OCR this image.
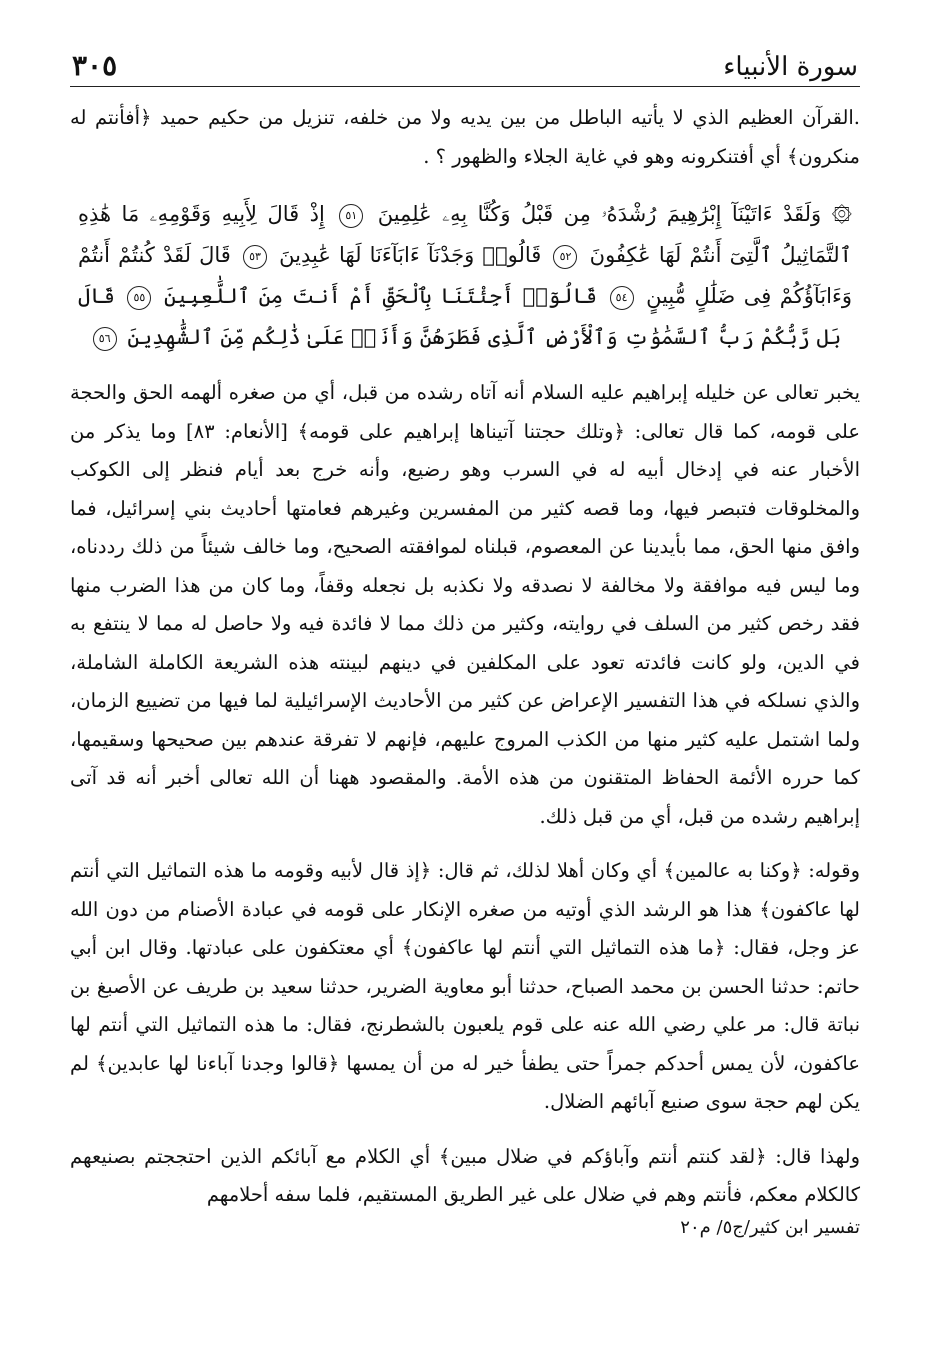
سورة الأنبياء
٣٠٥

.القرآن العظيم الذي لا يأتيه الباطل من بين يديه ولا من خلفه، تنزيل من حكيم حميد ﴿أفأنتم له منكرون﴾ أي أفتنكرونه وهو في غاية الجلاء والظهور ؟ .

۞ وَلَقَدْ ءَاتَيْنَآ إِبْرَٰهِيمَ رُشْدَهُۥ مِن قَبْلُ وَكُنَّا بِهِۦ عَٰلِمِينَ ٥١ إِذْ قَالَ لِأَبِيهِ وَقَوْمِهِۦ مَا هَٰذِهِ ٱلتَّمَاثِيلُ ٱلَّتِىٓ أَنتُمْ لَهَا عَٰكِفُونَ ٥٢ قَالُوا۟ وَجَدْنَآ ءَابَآءَنَا لَهَا عَٰبِدِينَ ٥٣ قَالَ لَقَدْ كُنتُمْ أَنتُمْ وَءَابَآؤُكُمْ فِى ضَلَٰلٍ مُّبِينٍ ٥٤ قَالُوٓا۟ أَجِئْتَنَا بِٱلْحَقِّ أَمْ أَنتَ مِنَ ٱللَّٰعِبِينَ ٥٥ قَالَ بَل رَّبُّكُمْ رَبُّ ٱلسَّمَٰوَٰتِ وَٱلْأَرْضِ ٱلَّذِى فَطَرَهُنَّ وَأَنَا۠ عَلَىٰ ذَٰلِكُم مِّنَ ٱلشَّٰهِدِينَ ٥٦

يخبر تعالى عن خليله إبراهيم عليه السلام أنه آتاه رشده من قبل، أي من صغره ألهمه الحق والحجة على قومه، كما قال تعالى: ﴿وتلك حجتنا آتيناها إبراهيم على قومه﴾ [الأنعام: ٨٣] وما يذكر من الأخبار عنه في إدخال أبيه له في السرب وهو رضيع، وأنه خرج بعد أيام فنظر إلى الكوكب والمخلوقات فتبصر فيها، وما قصه كثير من المفسرين وغيرهم فعامتها أحاديث بني إسرائيل، فما وافق منها الحق، مما بأيدينا عن المعصوم، قبلناه لموافقته الصحيح، وما خالف شيئاً من ذلك رددناه، وما ليس فيه موافقة ولا مخالفة لا نصدقه ولا نكذبه بل نجعله وقفاً، وما كان من هذا الضرب منها فقد رخص كثير من السلف في روايته، وكثير من ذلك مما لا فائدة فيه ولا حاصل له مما لا ينتفع به في الدين، ولو كانت فائدته تعود على المكلفين في دينهم لبينته هذه الشريعة الكاملة الشاملة، والذي نسلكه في هذا التفسير الإعراض عن كثير من الأحاديث الإسرائيلية لما فيها من تضييع الزمان، ولما اشتمل عليه كثير منها من الكذب المروج عليهم، فإنهم لا تفرقة عندهم بين صحيحها وسقيمها، كما حرره الأئمة الحفاظ المتقنون من هذه الأمة. والمقصود ههنا أن الله تعالى أخبر أنه قد آتى إبراهيم رشده من قبل، أي من قبل ذلك.

وقوله: ﴿وكنا به عالمين﴾ أي وكان أهلا لذلك، ثم قال: ﴿إذ قال لأبيه وقومه ما هذه التماثيل التي أنتم لها عاكفون﴾ هذا هو الرشد الذي أوتيه من صغره الإنكار على قومه في عبادة الأصنام من دون الله عز وجل، فقال: ﴿ما هذه التماثيل التي أنتم لها عاكفون﴾ أي معتكفون على عبادتها. وقال ابن أبي حاتم: حدثنا الحسن بن محمد الصباح، حدثنا أبو معاوية الضرير، حدثنا سعيد بن طريف عن الأصبغ بن نباتة قال: مر علي رضي الله عنه على قوم يلعبون بالشطرنج، فقال: ما هذه التماثيل التي أنتم لها عاكفون، لأن يمس أحدكم جمراً حتى يطفأ خير له من أن يمسها ﴿قالوا وجدنا آباءنا لها عابدين﴾ لم يكن لهم حجة سوى صنيع آبائهم الضلال.

ولهذا قال: ﴿لقد كنتم أنتم وآباؤكم في ضلال مبين﴾ أي الكلام مع آبائكم الذين احتججتم بصنيعهم كالكلام معكم، فأنتم وهم في ضلال على غير الطريق المستقيم، فلما سفه أحلامهم

تفسير ابن كثير/ج٥/ م٢٠
